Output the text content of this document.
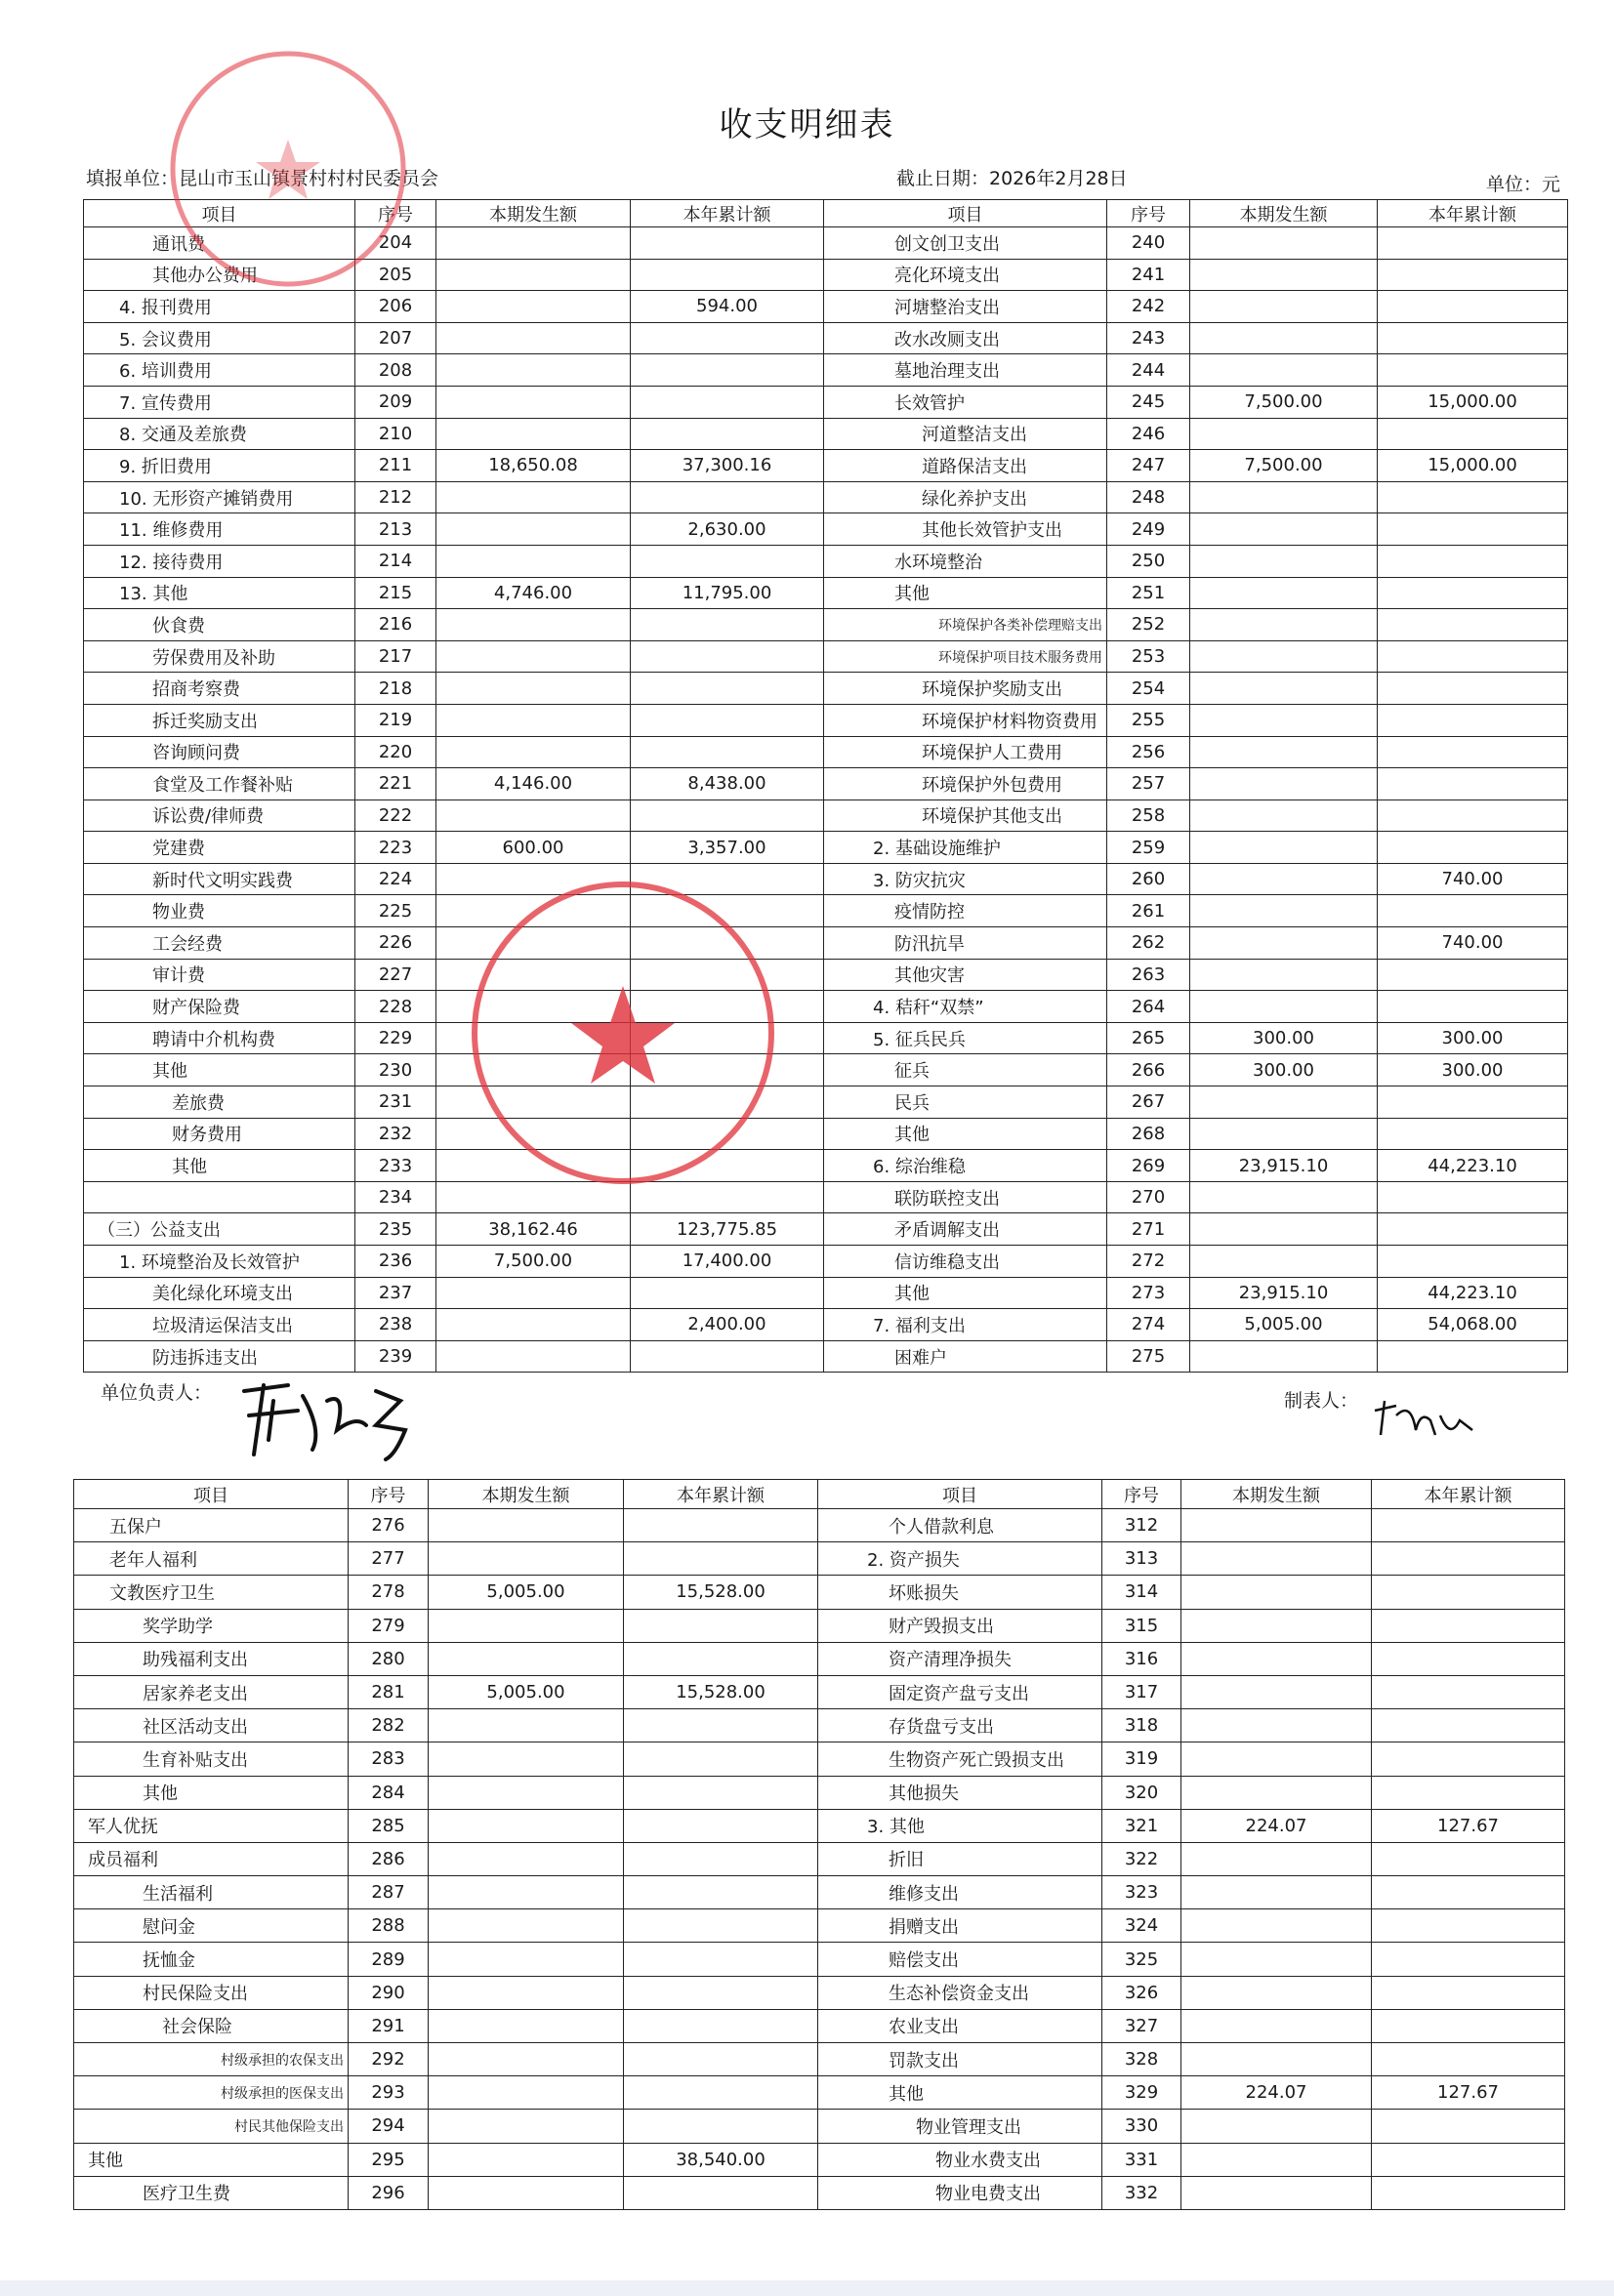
收支明细表
填报单位：昆山市玉山镇景村村村民委员会	截止日期：2026年2月28日	单位：元
项目	序号	本期发生额	本年累计额	项目	序号	本期发生额	本年累计额
通讯费	204			创文创卫支出	240		
其他办公费用	205			亮化环境支出	241		
4. 报刊费用	206		594.00	河塘整治支出	242		
5. 会议费用	207			改水改厕支出	243		
6. 培训费用	208			墓地治理支出	244		
7. 宣传费用	209			长效管护	245	7,500.00	15,000.00
8. 交通及差旅费	210			河道整洁支出	246		
9. 折旧费用	211	18,650.08	37,300.16	道路保洁支出	247	7,500.00	15,000.00
10. 无形资产摊销费用	212			绿化养护支出	248		
11. 维修费用	213		2,630.00	其他长效管护支出	249		
12. 接待费用	214			水环境整治	250		
13. 其他	215	4,746.00	11,795.00	其他	251		
伙食费	216			环境保护各类补偿理赔支出	252		
劳保费用及补助	217			环境保护项目技术服务费用	253		
招商考察费	218			环境保护奖励支出	254		
拆迁奖励支出	219			环境保护材料物资费用	255		
咨询顾问费	220			环境保护人工费用	256		
食堂及工作餐补贴	221	4,146.00	8,438.00	环境保护外包费用	257		
诉讼费/律师费	222			环境保护其他支出	258		
党建费	223	600.00	3,357.00	2. 基础设施维护	259		
新时代文明实践费	224			3. 防灾抗灾	260		740.00
物业费	225			疫情防控	261		
工会经费	226			防汛抗旱	262		740.00
审计费	227			其他灾害	263		
财产保险费	228			4. 秸秆“双禁”	264		
聘请中介机构费	229			5. 征兵民兵	265	300.00	300.00
其他	230			征兵	266	300.00	300.00
差旅费	231			民兵	267		
财务费用	232			其他	268		
其他	233			6. 综治维稳	269	23,915.10	44,223.10
	234			联防联控支出	270		
（三）公益支出	235	38,162.46	123,775.85	矛盾调解支出	271		
1. 环境整治及长效管护	236	7,500.00	17,400.00	信访维稳支出	272		
美化绿化环境支出	237			其他	273	23,915.10	44,223.10
垃圾清运保洁支出	238		2,400.00	7. 福利支出	274	5,005.00	54,068.00
防违拆违支出	239			困难户	275		
单位负责人：	制表人：
项目	序号	本期发生额	本年累计额	项目	序号	本期发生额	本年累计额
五保户	276			个人借款利息	312		
老年人福利	277			2. 资产损失	313		
文教医疗卫生	278	5,005.00	15,528.00	坏账损失	314		
奖学助学	279			财产毁损支出	315		
助残福利支出	280			资产清理净损失	316		
居家养老支出	281	5,005.00	15,528.00	固定资产盘亏支出	317		
社区活动支出	282			存货盘亏支出	318		
生育补贴支出	283			生物资产死亡毁损支出	319		
其他	284			其他损失	320		
军人优抚	285			3. 其他	321	224.07	127.67
成员福利	286			折旧	322		
生活福利	287			维修支出	323		
慰问金	288			捐赠支出	324		
抚恤金	289			赔偿支出	325		
村民保险支出	290			生态补偿资金支出	326		
社会保险	291			农业支出	327		
村级承担的农保支出	292			罚款支出	328		
村级承担的医保支出	293			其他	329	224.07	127.67
村民其他保险支出	294			物业管理支出	330		
其他	295		38,540.00	物业水费支出	331		
医疗卫生费	296			物业电费支出	332		
